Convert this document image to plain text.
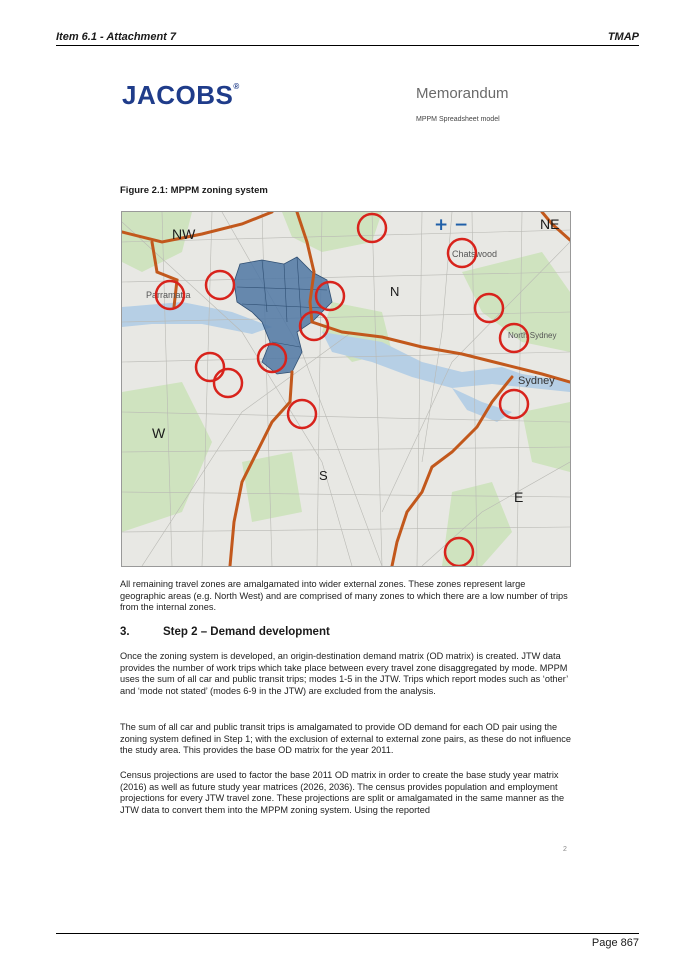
Item 6.1 - Attachment 7	TMAP
JACOBS®	Memorandum
MPPM Spreadsheet model
Figure 2.1: MPPM zoning system
NW
NE
N
W
S
E
Chatswood
Parramatta
North Sydney
Sydney
+ −
All remaining travel zones are amalgamated into wider external zones. These zones represent large geographic areas (e.g. North West) and are comprised of many zones to which there are a low number of trips from the internal zones.
3.	Step 2 – Demand development
Once the zoning system is developed, an origin-destination demand matrix (OD matrix) is created. JTW data provides the number of work trips which take place between every travel zone disaggregated by mode. MPPM uses the sum of all car and public transit trips; modes 1-5 in the JTW. Trips which report modes such as ‘other’ and ‘mode not stated’ (modes 6-9 in the JTW) are excluded from the analysis.
The sum of all car and public transit trips is amalgamated to provide OD demand for each OD pair using the zoning system defined in Step 1; with the exclusion of external to external zone pairs, as these do not influence the study area. This provides the base OD matrix for the year 2011.
Census projections are used to factor the base 2011 OD matrix in order to create the base study year matrix (2016) as well as future study year matrices (2026, 2036). The census provides population and employment projections for every JTW travel zone. These projections are split or amalgamated in the same manner as the JTW data to convert them into the MPPM zoning system. Using the reported
2
Page 867
